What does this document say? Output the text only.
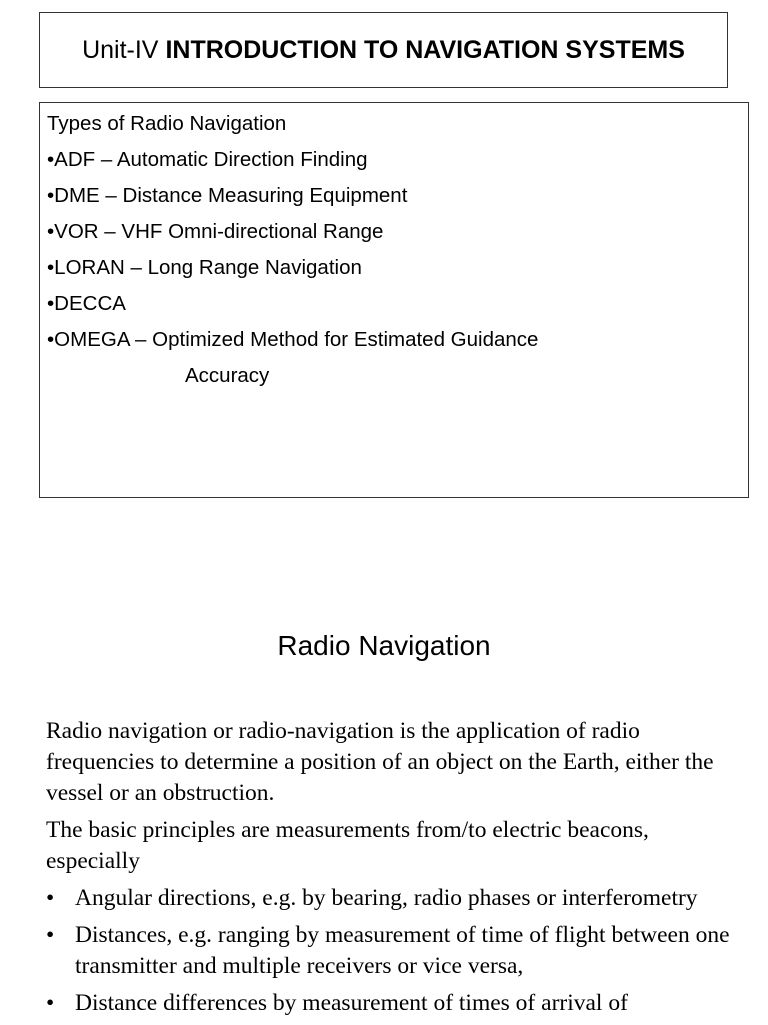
Unit-IV INTRODUCTION TO NAVIGATION SYSTEMS
Types of Radio Navigation
•ADF – Automatic Direction Finding
•DME – Distance Measuring Equipment
•VOR – VHF Omni-directional Range
•LORAN – Long Range Navigation
•DECCA
•OMEGA – Optimized Method for Estimated Guidance
Accuracy
Radio Navigation

Radio navigation or radio-navigation is the application of radio frequencies to determine a position of an object on the Earth, either the vessel or an obstruction.

The basic principles are measurements from/to electric beacons, especially

• Angular directions, e.g. by bearing, radio phases or interferometry
• Distances, e.g. ranging by measurement of time of flight between one transmitter and multiple receivers or vice versa,
• Distance differences by measurement of times of arrival of
